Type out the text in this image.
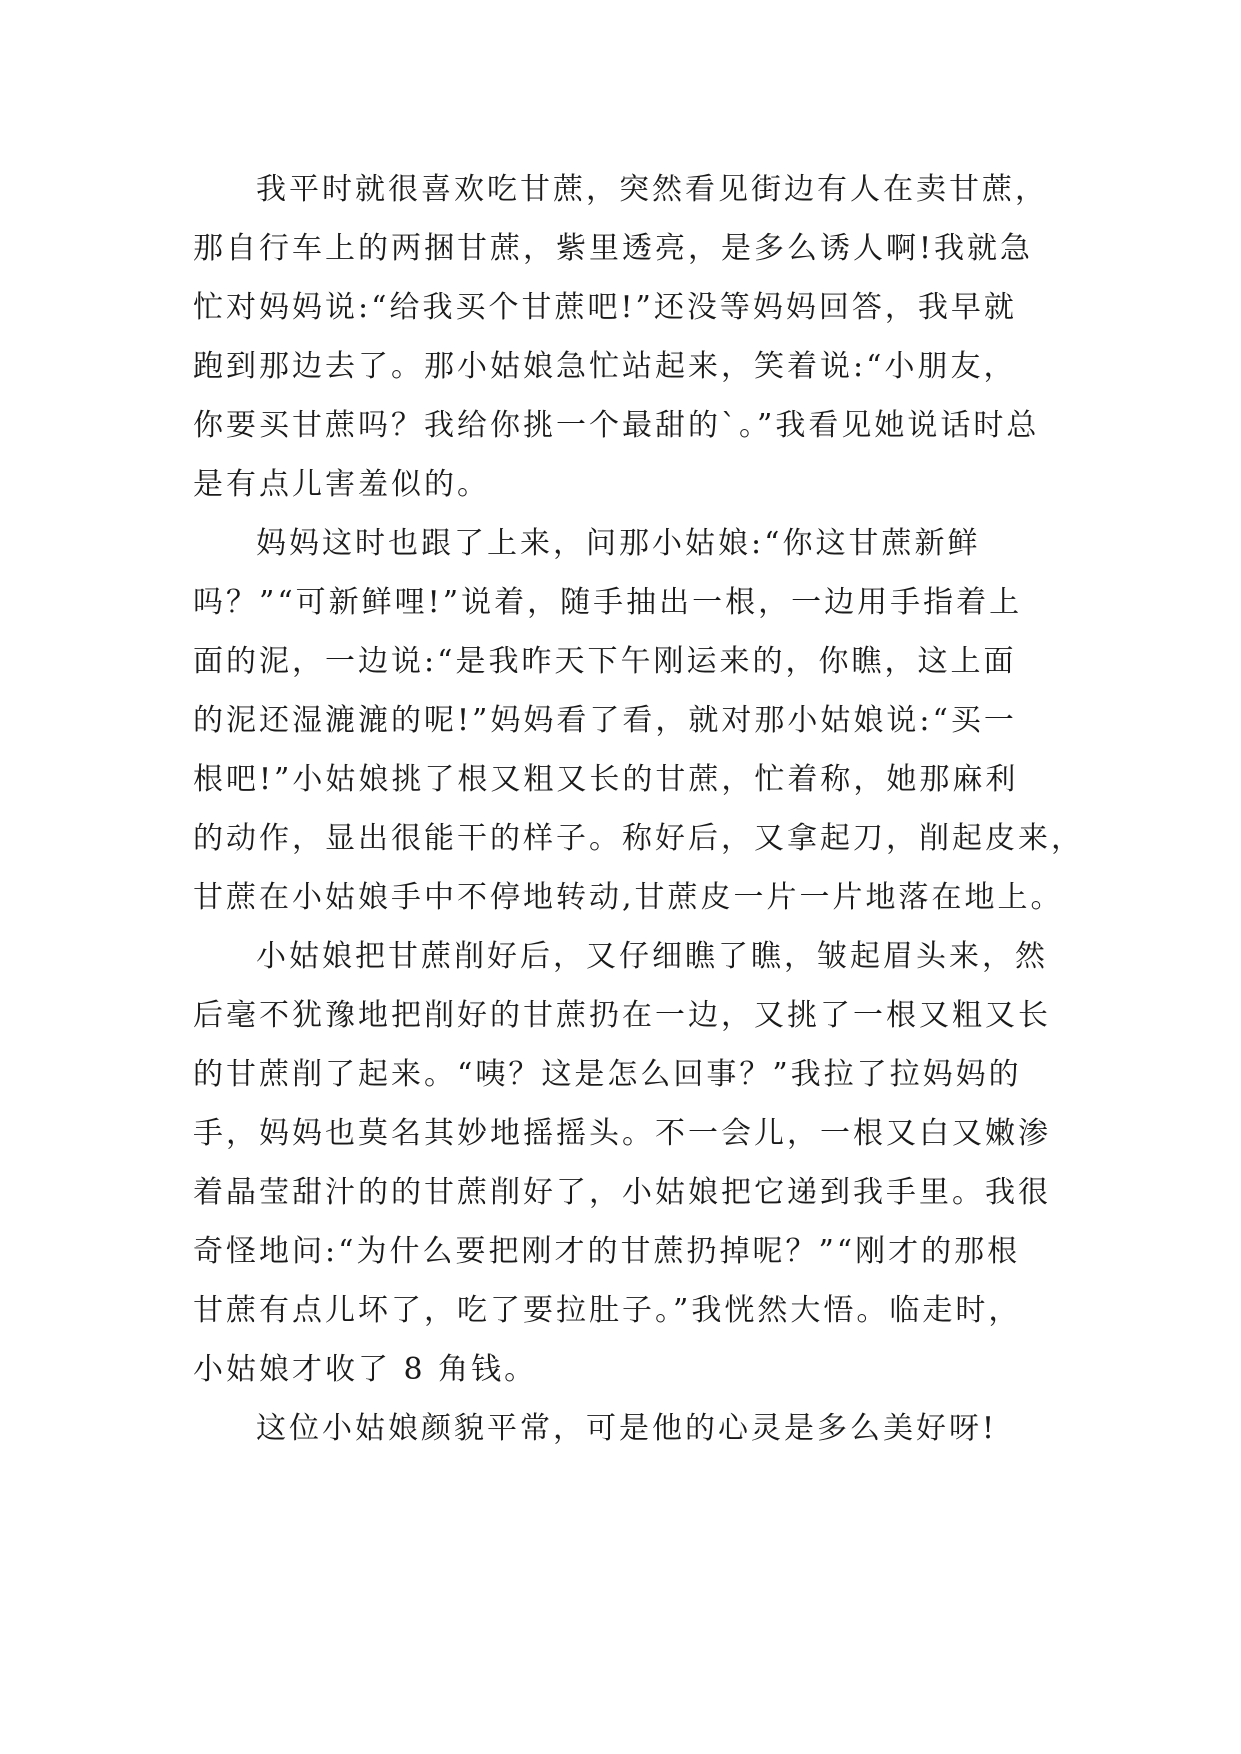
我平时就很喜欢吃甘蔗，突然看见街边有人在卖甘蔗，
那自行车上的两捆甘蔗，紫里透亮，是多么诱人啊!我就急
忙对妈妈说:“给我买个甘蔗吧!”还没等妈妈回答，我早就
跑到那边去了。那小姑娘急忙站起来，笑着说:“小朋友，
你要买甘蔗吗？我给你挑一个最甜的`。”我看见她说话时总
是有点儿害羞似的。
妈妈这时也跟了上来，问那小姑娘:“你这甘蔗新鲜
吗？”“可新鲜哩!”说着，随手抽出一根，一边用手指着上
面的泥，一边说:“是我昨天下午刚运来的，你瞧，这上面
的泥还湿漉漉的呢!”妈妈看了看，就对那小姑娘说:“买一
根吧!”小姑娘挑了根又粗又长的甘蔗，忙着称，她那麻利
的动作，显出很能干的样子。称好后，又拿起刀，削起皮来，
甘蔗在小姑娘手中不停地转动,甘蔗皮一片一片地落在地上。
小姑娘把甘蔗削好后，又仔细瞧了瞧，皱起眉头来，然
后毫不犹豫地把削好的甘蔗扔在一边，又挑了一根又粗又长
的甘蔗削了起来。“咦？这是怎么回事？”我拉了拉妈妈的
手，妈妈也莫名其妙地摇摇头。不一会儿，一根又白又嫩渗
着晶莹甜汁的的甘蔗削好了，小姑娘把它递到我手里。我很
奇怪地问:“为什么要把刚才的甘蔗扔掉呢？”“刚才的那根
甘蔗有点儿坏了，吃了要拉肚子。”我恍然大悟。临走时，
小姑娘才收了 8 角钱。
这位小姑娘颜貌平常，可是他的心灵是多么美好呀!
